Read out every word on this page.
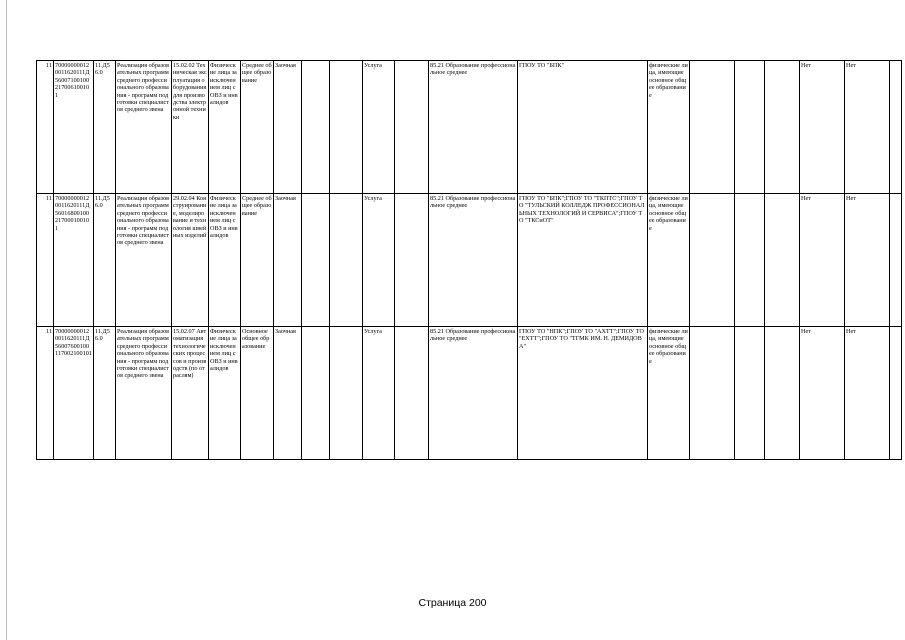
11	700000000120011620111Д56007100100217006100101	11.Д56.0	Реализация образовательных программ среднего профессионального образования - программ подготовки специалистов среднего звена	15.02.02 Техническая эксплуатация оборудования для производства электронной техники	Физические лица за исключением лиц с ОВЗ и инвалидов	Среднее общее образование	Заочная			Услуга		85.21 Образование профессиональное среднее	ГПОУ ТО "БПК"	физические лица, имеющие основное общее образование				Нет	Нет	
11	700000000120011620111Д56016800100217000100101	11.Д56.0	Реализация образовательных программ среднего профессионального образования - программ подготовки специалистов среднего звена	29.02.04 Конструирование, моделирование и технология швейных изделий	Физические лица за исключением лиц с ОВЗ и инвалидов	Среднее общее образование	Заочная			Услуга		85.21 Образование профессиональное среднее	ГПОУ ТО "БПК";ГПОУ ТО "ТКПТС";ГПОУ ТО "ТУЛЬСКИЙ КОЛЛЕДЖ ПРОФЕССИОНАЛЬНЫХ ТЕХНОЛОГИЙ И СЕРВИСА";ГПОУ ТО "ТКСиОТ"	физические лица, имеющие основное общее образование				Нет	Нет	
11	700000000120011620111Д56007600100117002100101	11.Д56.0	Реализация образовательных программ среднего профессионального образования - программ подготовки специалистов среднего звена	15.02.07 Автоматизация технологических процессов и производств (по отраслям)	Физические лица за исключением лиц с ОВЗ и инвалидов	Основное общее образование	Заочная			Услуга		85.21 Образование профессиональное среднее	ГПОУ ТО "НПК";ГПОУ ТО "АХТТ";ГПОУ ТО "ЕХТТ";ГПОУ ТО "ТГМК ИМ. Н. ДЕМИДОВА"	физические лица, имеющие основное общее образование				Нет	Нет	
Страница 200
